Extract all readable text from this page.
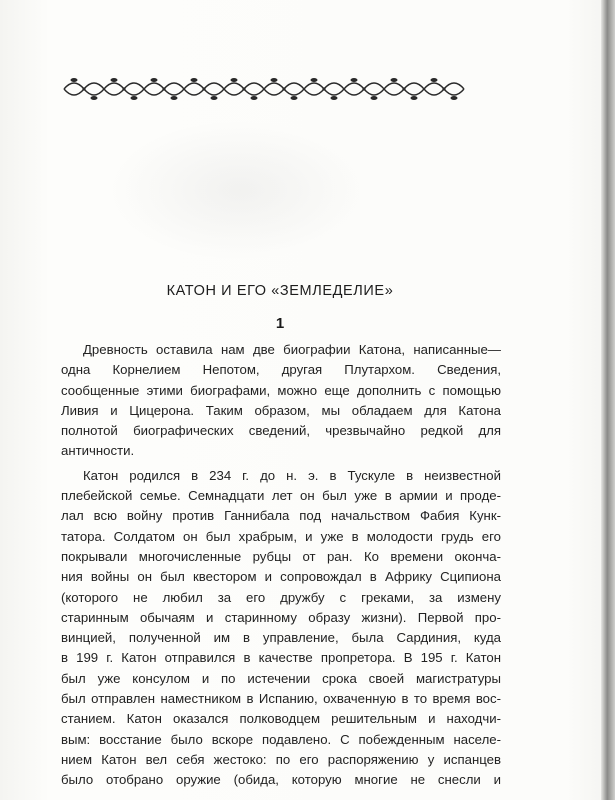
КАТОН И ЕГО «ЗЕМЛЕДЕЛИЕ»
1
Древность оставила нам две биографии Катона, написанные—
одна Корнелием Непотом, другая Плутархом. Сведения,
сообщенные этими биографами, можно еще дополнить с помощью
Ливия и Цицерона. Таким образом, мы обладаем для Катона
полнотой биографических сведений, чрезвычайно редкой для
античности.
Катон родился в 234 г. до н. э. в Тускуле в неизвестной
плебейской семье. Семнадцати лет он был уже в армии и проде-
лал всю войну против Ганнибала под начальством Фабия Кунк-
татора. Солдатом он был храбрым, и уже в молодости грудь его
покрывали многочисленные рубцы от ран. Ко времени оконча-
ния войны он был квестором и сопровождал в Африку Сципиона
(которого не любил за его дружбу с греками, за измену
старинным обычаям и старинному образу жизни). Первой про-
винцией, полученной им в управление, была Сардиния, куда
в 199 г. Катон отправился в качестве пропретора. В 195 г. Катон
был уже консулом и по истечении срока своей магистратуры
был отправлен наместником в Испанию, охваченную в то время вос-
станием. Катон оказался полководцем решительным и находчи-
вым: восстание было вскоре подавлено. С побежденным населе-
нием Катон вел себя жестоко: по его распоряжению у испанцев
было отобрано оружие (обида, которую многие не снесли и
